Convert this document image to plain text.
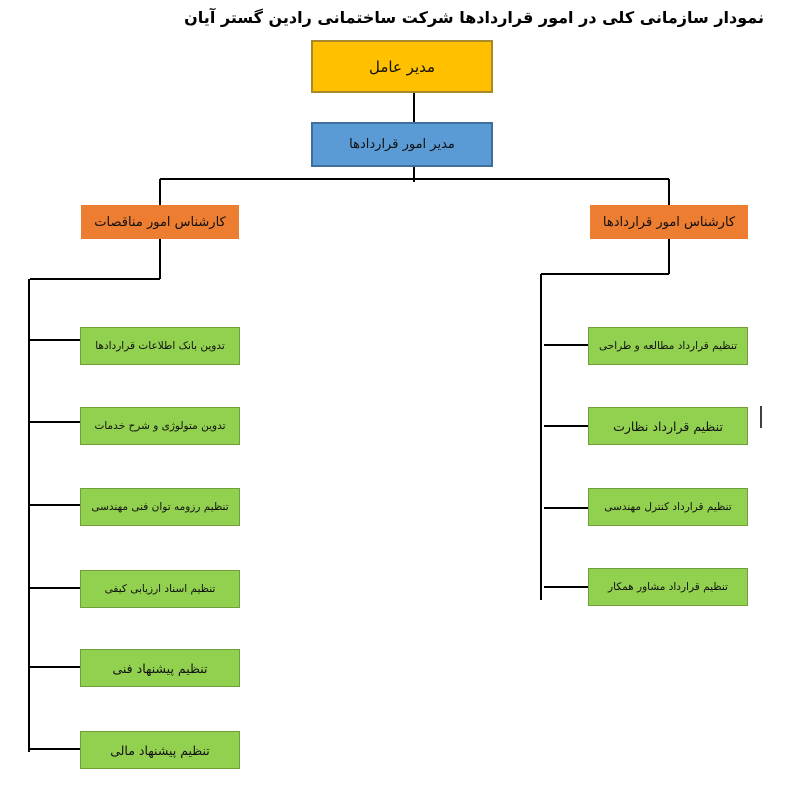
نمودار سازمانی کلی در امور قراردادها شرکت ساختمانی رادین گستر آیان
مدیر عامل
مدیر امور قراردادها
کارشناس امور مناقصات	کارشناس امور قراردادها
تدوین بانک اطلاعات قراردادها
تدوین متولوژی و شرح خدمات
تنظیم رزومه توان فنی مهندسی
تنظیم اسناد ارزیابی کیفی
تنظیم پیشنهاد فنی
تنظیم پیشنهاد مالی
تنظیم قرارداد مطالعه و طراحی
تنظیم قرارداد نظارت
تنظیم قرارداد کنترل مهندسی
تنظیم قرارداد مشاور همکار
